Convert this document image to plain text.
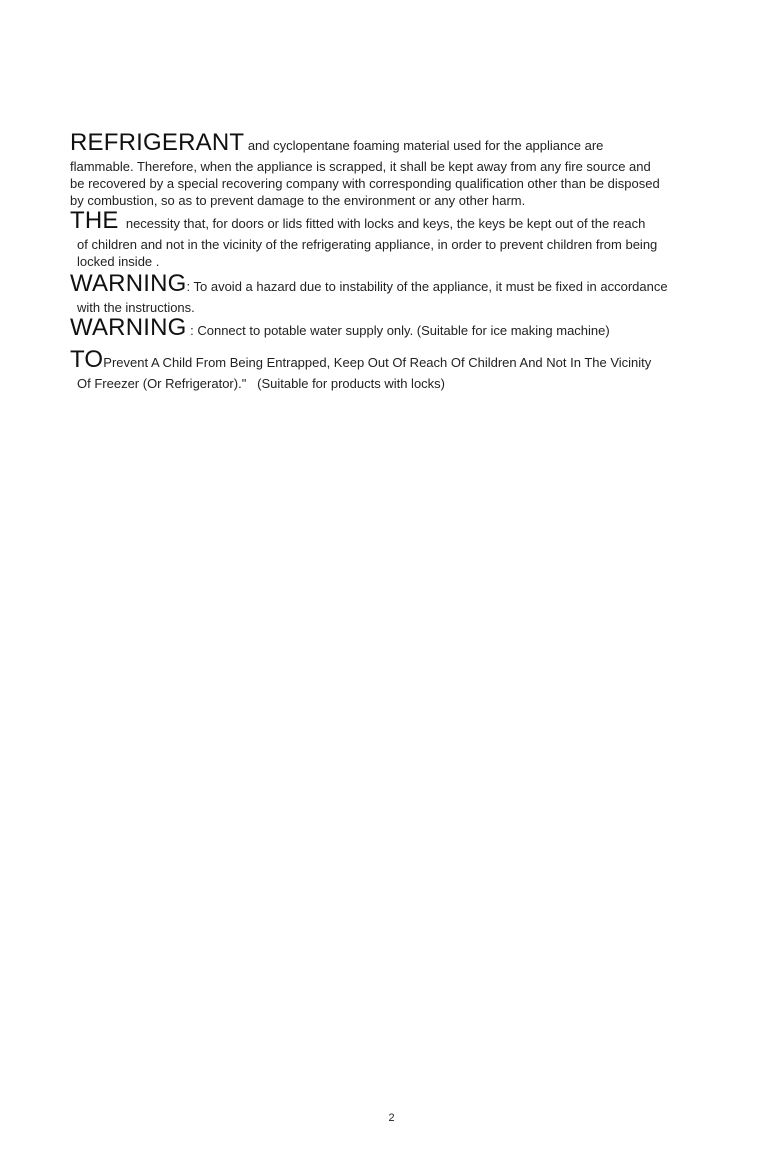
REFRIGERANT and cyclopentane foaming material used for the appliance are
flammable. Therefore, when the appliance is scrapped, it shall be kept away from any fire source and
be recovered by a special recovering company with corresponding qualification other than be disposed
by combustion, so as to prevent damage to the environment or any other harm.
THE  necessity that, for doors or lids fitted with locks and keys, the keys be kept out of the reach
of children and not in the vicinity of the refrigerating appliance, in order to prevent children from being
locked inside .
WARNING: To avoid a hazard due to instability of the appliance, it must be fixed in accordance
with the instructions.
WARNING : Connect to potable water supply only. (Suitable for ice making machine)
TOPrevent A Child From Being Entrapped, Keep Out Of Reach Of Children And Not In The Vicinity
Of Freezer (Or Refrigerator)."   (Suitable for products with locks)
2
